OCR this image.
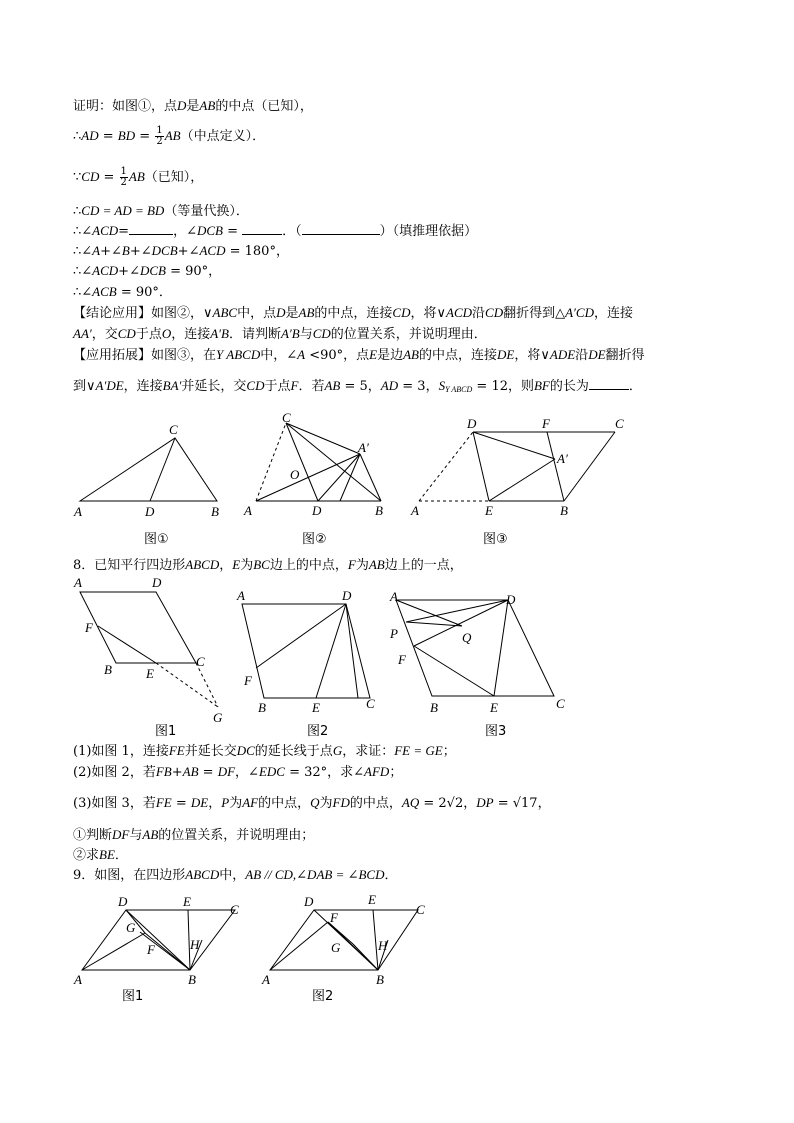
证明：如图①，点D是AB的中点（已知），
∴AD = BD = $\frac{1}{2} AB$（中点定义）．
∵CD = $\frac{1}{2} AB$（已知），
∴CD = AD = BD（等量代换）．
∴∠ACD=	，∠DCB =	．（	）（填推理依据）
∴∠A+∠B+∠DCB+∠ACD = 180°，
∴∠ACD+∠DCB = 90°，
∴∠ACB = 90°．
【结论应用】如图②，∨ABC中，点D是AB的中点，连接CD，将∨ACD沿CD翻折得到△A′CD，连接
AA′，交CD于点O，连接A′B．请判断A′B与CD的位置关系，并说明理由．
【应用拓展】如图③，在Y ABCD中，∠A <90°，点E是边AB的中点，连接DE，将∨ADE沿DE翻折得
到∨A′DE，连接BA′并延长，交CD于点F．若AB = 5，AD = 3，$S_{Y ABCD} = 12$，则BF的长为	．
C
A	D	B
图①
C
A′
O
A	D	B
图②
D	F	C
A′
A	E	B
图③
8．已知平行四边形ABCD，E为BC边上的中点，F为AB边上的一点，
A	D
F
B	E
C
G
图1
A	D
F
B	E	C
图2
A	D
P	Q
F
B	E	C
图3
(1)如图 1，连接FE并延长交DC的延长线于点G，求证：FE = GE；
(2)如图 2，若FB+AB = DF，∠EDC = 32°，求∠AFD；
(3)如图 3，若FE = DE，P为AF的中点，Q为FD的中点，AQ = 2√2，DP = √17，
①判断DF与AB的位置关系，并说明理由；
②求BE．
9．如图，在四边形ABCD中，AB // CD,∠DAB = ∠BCD．
D	E
C
G
F	H
A	B
图1
D	E
C
F
G	H
A	B
图2
